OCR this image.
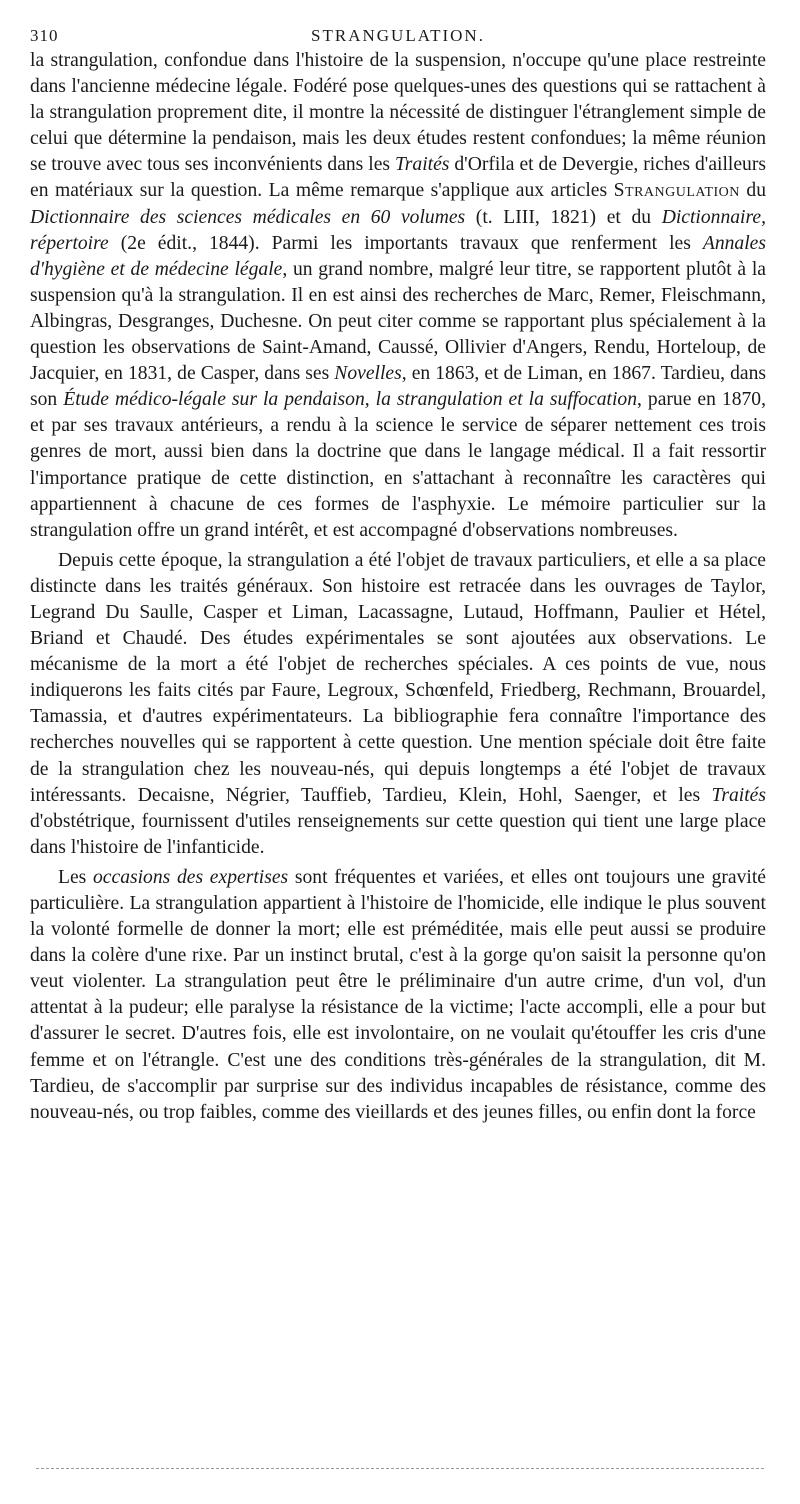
310	STRANGULATION.

la strangulation, confondue dans l'histoire de la suspension, n'occupe qu'une place restreinte dans l'ancienne médecine légale. Fodéré pose quelques-unes des questions qui se rattachent à la strangulation proprement dite, il montre la nécessité de distinguer l'étranglement simple de celui que détermine la pendaison, mais les deux études restent confondues; la même réunion se trouve avec tous ses inconvénients dans les Traités d'Orfila et de Devergie, riches d'ailleurs en matériaux sur la question. La même remarque s'applique aux articles Strangulation du Dictionnaire des sciences médicales en 60 volumes (t. LIII, 1821) et du Dictionnaire, répertoire (2e édit., 1844). Parmi les importants travaux que renferment les Annales d'hygiène et de médecine légale, un grand nombre, malgré leur titre, se rapportent plutôt à la suspension qu'à la strangulation. Il en est ainsi des recherches de Marc, Remer, Fleischmann, Albingras, Desgranges, Duchesne. On peut citer comme se rapportant plus spécialement à la question les observations de Saint-Amand, Caussé, Ollivier d'Angers, Rendu, Horteloup, de Jacquier, en 1831, de Casper, dans ses Novelles, en 1863, et de Liman, en 1867. Tardieu, dans son Étude médico-légale sur la pendaison, la strangulation et la suffocation, parue en 1870, et par ses travaux antérieurs, a rendu à la science le service de séparer nettement ces trois genres de mort, aussi bien dans la doctrine que dans le langage médical. Il a fait ressortir l'importance pratique de cette distinction, en s'attachant à reconnaître les caractères qui appartiennent à chacune de ces formes de l'asphyxie. Le mémoire particulier sur la strangulation offre un grand intérêt, et est accompagné d'observations nombreuses.

Depuis cette époque, la strangulation a été l'objet de travaux particuliers, et elle a sa place distincte dans les traités généraux. Son histoire est retracée dans les ouvrages de Taylor, Legrand Du Saulle, Casper et Liman, Lacassagne, Lutaud, Hoffmann, Paulier et Hétel, Briand et Chaudé. Des études expérimentales se sont ajoutées aux observations. Le mécanisme de la mort a été l'objet de recherches spéciales. A ces points de vue, nous indiquerons les faits cités par Faure, Legroux, Schœnfeld, Friedberg, Rechmann, Brouardel, Tamassia, et d'autres expérimentateurs. La bibliographie fera connaître l'importance des recherches nouvelles qui se rapportent à cette question. Une mention spéciale doit être faite de la strangulation chez les nouveau-nés, qui depuis longtemps a été l'objet de travaux intéressants. Decaisne, Négrier, Tauffieb, Tardieu, Klein, Hohl, Saenger, et les Traités d'obstétrique, fournissent d'utiles renseignements sur cette question qui tient une large place dans l'histoire de l'infanticide.

Les occasions des expertises sont fréquentes et variées, et elles ont toujours une gravité particulière. La strangulation appartient à l'histoire de l'homicide, elle indique le plus souvent la volonté formelle de donner la mort; elle est préméditée, mais elle peut aussi se produire dans la colère d'une rixe. Par un instinct brutal, c'est à la gorge qu'on saisit la personne qu'on veut violenter. La strangulation peut être le préliminaire d'un autre crime, d'un vol, d'un attentat à la pudeur; elle paralyse la résistance de la victime; l'acte accompli, elle a pour but d'assurer le secret. D'autres fois, elle est involontaire, on ne voulait qu'étouffer les cris d'une femme et on l'étrangle. C'est une des conditions très-générales de la strangulation, dit M. Tardieu, de s'accomplir par surprise sur des individus incapables de résistance, comme des nouveau-nés, ou trop faibles, comme des vieillards et des jeunes filles, ou enfin dont la force
